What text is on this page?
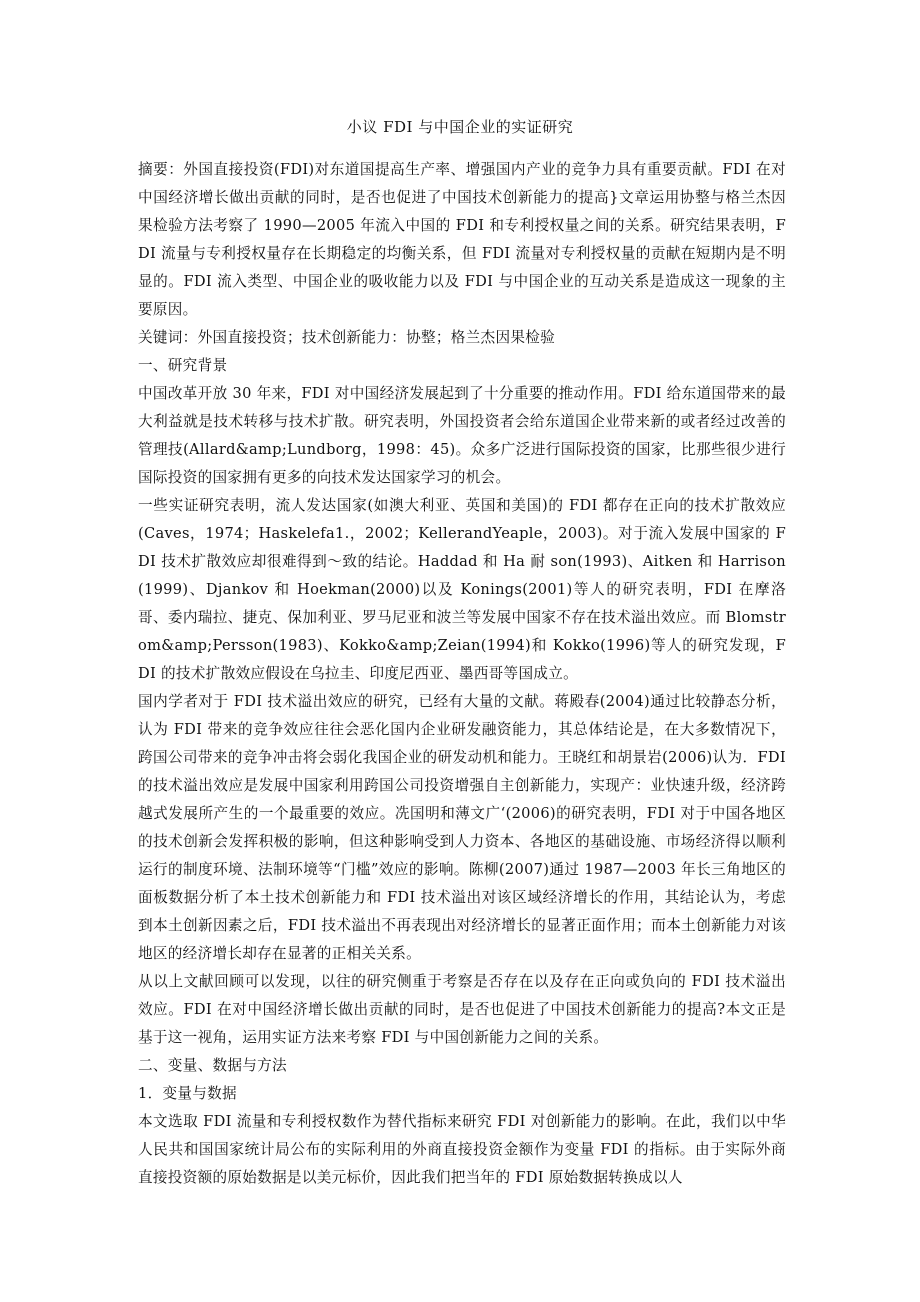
小议 FDI 与中国企业的实证研究

摘要：外国直接投资(FDI)对东道国提高生产率、增强国内产业的竞争力具有重要贡献。FDI 在对中国经济增长做出贡献的同时，是否也促进了中国技术创新能力的提高}文章运用协整与格兰杰因果检验方法考察了 1990—2005 年流入中国的 FDI 和专利授权量之间的关系。研究结果表明，FDI 流量与专利授权量存在长期稳定的均衡关系，但 FDI 流量对专利授权量的贡献在短期内是不明显的。FDI 流入类型、中国企业的吸收能力以及 FDI 与中国企业的互动关系是造成这一现象的主要原因。

关键词：外国直接投资；技术创新能力：协整；格兰杰因果检验

一、研究背景

中国改革开放 30 年来，FDI 对中国经济发展起到了十分重要的推动作用。FDI 给东道国带来的最大利益就是技术转移与技术扩散。研究表明，外国投资者会给东道国企业带来新的或者经过改善的管理技(Allard&amp;Lundborg，1998：45)。众多广泛进行国际投资的国家，比那些很少进行国际投资的国家拥有更多的向技术发达国家学习的机会。

一些实证研究表明，流人发达国家(如澳大利亚、英国和美国)的 FDI 都存在正向的技术扩散效应(Caves，1974；Haskelefa1.，2002；KellerandYeaple，2003)。对于流入发展中国家的 FDI 技术扩散效应却很难得到～致的结论。Haddad 和 Ha 耐 son(1993)、Aitken 和 Harrison(1999)、Djankov 和 Hoekman(2000)以及 Konings(2001)等人的研究表明，FDI 在摩洛哥、委内瑞拉、捷克、保加利亚、罗马尼亚和波兰等发展中国家不存在技术溢出效应。而 Blomstrom&amp;Persson(1983)、Kokko&amp;Zeian(1994)和 Kokko(1996)等人的研究发现，FDI 的技术扩散效应假设在乌拉圭、印度尼西亚、墨西哥等国成立。

国内学者对于 FDI 技术溢出效应的研究，已经有大量的文献。蒋殿春(2004)通过比较静态分析，认为 FDI 带来的竞争效应往往会恶化国内企业研发融资能力，其总体结论是，在大多数情况下，跨国公司带来的竞争冲击将会弱化我国企业的研发动机和能力。王晓红和胡景岩(2006)认为．FDI 的技术溢出效应是发展中国家利用跨国公司投资增强自主创新能力，实现产：业快速升级，经济跨越式发展所产生的一个最重要的效应。冼国明和薄文广‘(2006)的研究表明，FDI 对于中国各地区的技术创新会发挥积极的影响，但这种影响受到人力资本、各地区的基础设施、市场经济得以顺利运行的制度环境、法制环境等“门槛”效应的影响。陈柳(2007)通过 1987—2003 年长三角地区的面板数据分析了本土技术创新能力和 FDI 技术溢出对该区域经济增长的作用，其结论认为，考虑到本土创新因素之后，FDI 技术溢出不再表现出对经济增长的显著正面作用；而本土创新能力对该地区的经济增长却存在显著的正相关关系。

从以上文献回顾可以发现，以往的研究侧重于考察是否存在以及存在正向或负向的 FDI 技术溢出效应。FDI 在对中国经济增长做出贡献的同时，是否也促进了中国技术创新能力的提高?本文正是基于这一视角，运用实证方法来考察 FDI 与中国创新能力之间的关系。

二、变量、数据与方法

1．变量与数据

本文选取 FDI 流量和专利授权数作为替代指标来研究 FDI 对创新能力的影响。在此，我们以中华人民共和国国家统计局公布的实际利用的外商直接投资金额作为变量 FDI 的指标。由于实际外商直接投资额的原始数据是以美元标价，因此我们把当年的 FDI 原始数据转换成以人
